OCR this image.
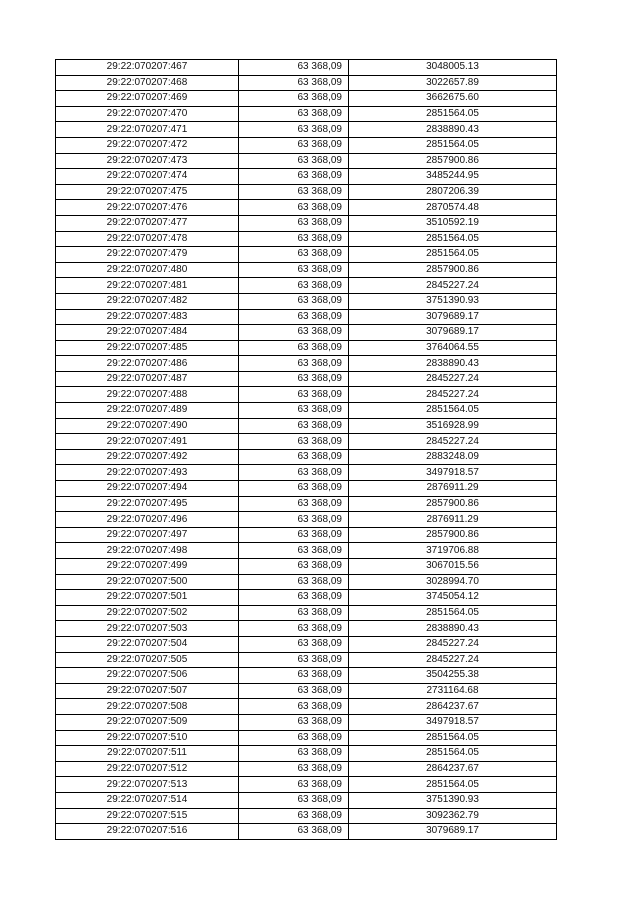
29:22:070207:467	63 368,09	3048005.13
29:22:070207:468	63 368,09	3022657.89
29:22:070207:469	63 368,09	3662675.60
29:22:070207:470	63 368,09	2851564.05
29:22:070207:471	63 368,09	2838890.43
29:22:070207:472	63 368,09	2851564.05
29:22:070207:473	63 368,09	2857900.86
29:22:070207:474	63 368,09	3485244.95
29:22:070207:475	63 368,09	2807206.39
29:22:070207:476	63 368,09	2870574.48
29:22:070207:477	63 368,09	3510592.19
29:22:070207:478	63 368,09	2851564.05
29:22:070207:479	63 368,09	2851564.05
29:22:070207:480	63 368,09	2857900.86
29:22:070207:481	63 368,09	2845227.24
29:22:070207:482	63 368,09	3751390.93
29:22:070207:483	63 368,09	3079689.17
29:22:070207:484	63 368,09	3079689.17
29:22:070207:485	63 368,09	3764064.55
29:22:070207:486	63 368,09	2838890.43
29:22:070207:487	63 368,09	2845227.24
29:22:070207:488	63 368,09	2845227.24
29:22:070207:489	63 368,09	2851564.05
29:22:070207:490	63 368,09	3516928.99
29:22:070207:491	63 368,09	2845227.24
29:22:070207:492	63 368,09	2883248.09
29:22:070207:493	63 368,09	3497918.57
29:22:070207:494	63 368,09	2876911.29
29:22:070207:495	63 368,09	2857900.86
29:22:070207:496	63 368,09	2876911.29
29:22:070207:497	63 368,09	2857900.86
29:22:070207:498	63 368,09	3719706.88
29:22:070207:499	63 368,09	3067015.56
29:22:070207:500	63 368,09	3028994.70
29:22:070207:501	63 368,09	3745054.12
29:22:070207:502	63 368,09	2851564.05
29:22:070207:503	63 368,09	2838890.43
29:22:070207:504	63 368,09	2845227.24
29:22:070207:505	63 368,09	2845227.24
29:22:070207:506	63 368,09	3504255.38
29:22:070207:507	63 368,09	2731164.68
29:22:070207:508	63 368,09	2864237.67
29:22:070207:509	63 368,09	3497918.57
29:22:070207:510	63 368,09	2851564.05
29:22:070207:511	63 368,09	2851564.05
29:22:070207:512	63 368,09	2864237.67
29:22:070207:513	63 368,09	2851564.05
29:22:070207:514	63 368,09	3751390.93
29:22:070207:515	63 368,09	3092362.79
29:22:070207:516	63 368,09	3079689.17
